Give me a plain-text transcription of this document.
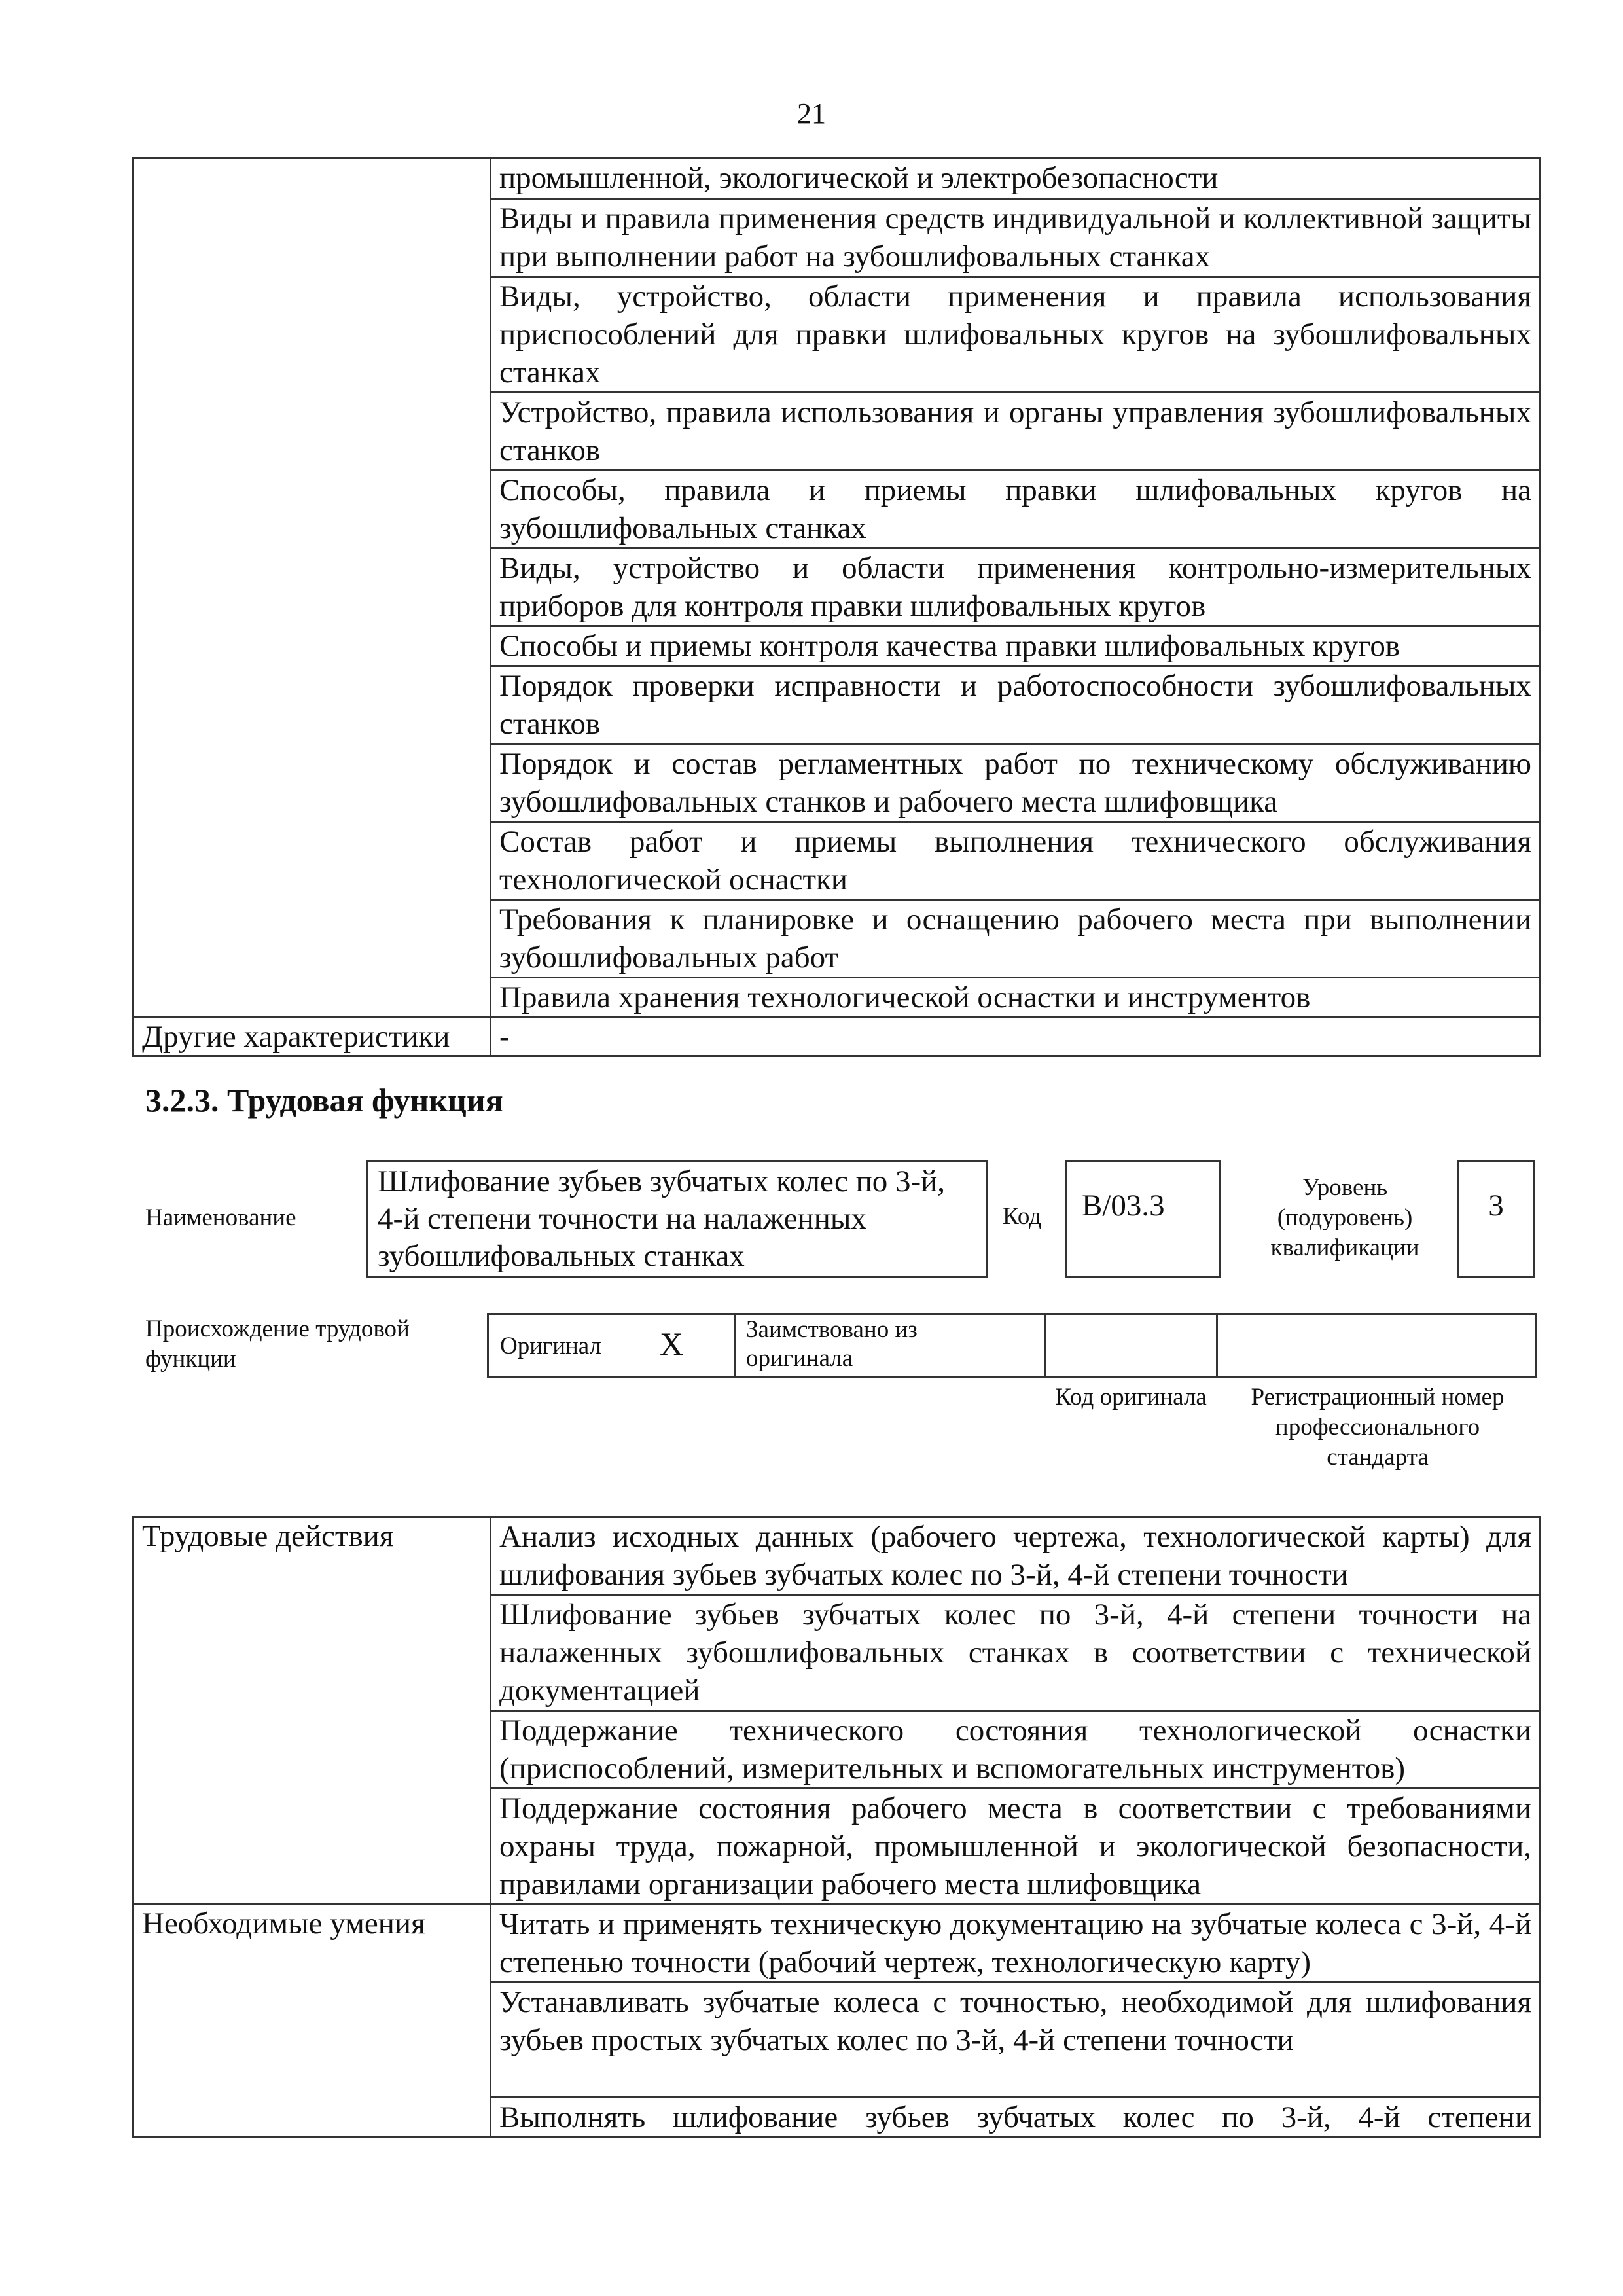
21

	промышленной, экологической и электробезопасности

	Виды и правила применения средств индивидуальной и коллективной защиты при выполнении работ на зубошлифовальных станках

	Виды, устройство, области применения и правила использования приспособлений для правки шлифовальных кругов на зубошлифовальных станках

	Устройство, правила использования и органы управления зубошлифовальных станков

	Способы, правила и приемы правки шлифовальных кругов на зубошлифовальных станках

	Виды, устройство и области применения контрольно-измерительных приборов для контроля правки шлифовальных кругов

	Способы и приемы контроля качества правки шлифовальных кругов

	Порядок проверки исправности и работоспособности зубошлифовальных станков

	Порядок и состав регламентных работ по техническому обслуживанию зубошлифовальных станков и рабочего места шлифовщика

	Состав работ и приемы выполнения технического обслуживания технологической оснастки

	Требования к планировке и оснащению рабочего места при выполнении зубошлифовальных работ

	Правила хранения технологической оснастки и инструментов

Другие характеристики	-
3.2.3. Трудовая функция
Наименование
Шлифование зубьев зубчатых колес по 3-й, 4-й степени точности на налаженных зубошлифовальных станках
Код	B/03.3
Уровень (подуровень) квалификации
3
Происхождение трудовой функции	Оригинал X	Заимствовано из оригинала
Код оригинала	Регистрационный номер профессионального стандарта
Трудовые действия	Анализ исходных данных (рабочего чертежа, технологической карты) для шлифования зубьев зубчатых колес по 3-й, 4-й степени точности

	Шлифование зубьев зубчатых колес по 3-й, 4-й степени точности на налаженных зубошлифовальных станках в соответствии с технической документацией

	Поддержание технического состояния технологической оснастки (приспособлений, измерительных и вспомогательных инструментов)

	Поддержание состояния рабочего места в соответствии с требованиями охраны труда, пожарной, промышленной и экологической безопасности, правилами организации рабочего места шлифовщика

Необходимые умения	Читать и применять техническую документацию на зубчатые колеса с 3-й, 4-й степенью точности (рабочий чертеж, технологическую карту)

	Устанавливать зубчатые колеса с точностью, необходимой для шлифования зубьев простых зубчатых колес по 3-й, 4-й степени точности

	Выполнять шлифование зубьев зубчатых колес по 3-й, 4-й степени
